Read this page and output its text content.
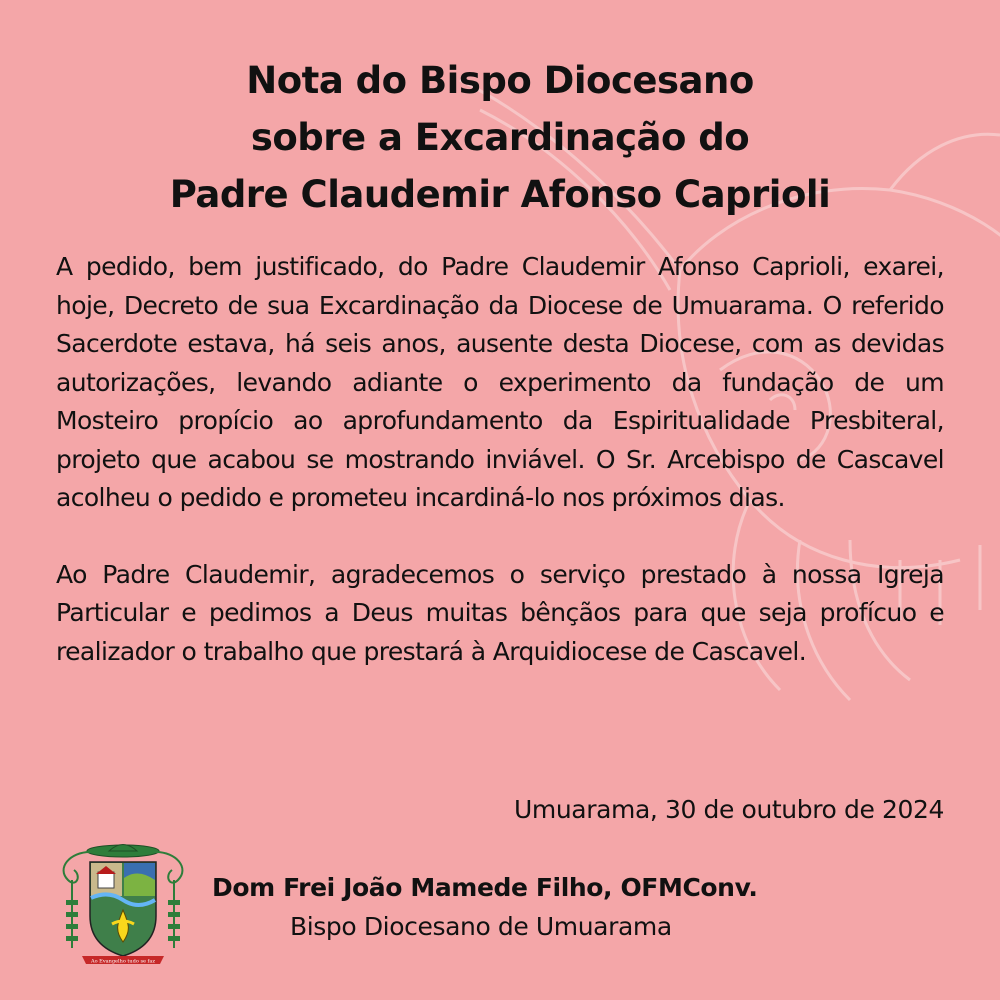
Nota do Bispo Diocesano
sobre a Excardinação do
Padre Claudemir Afonso Caprioli

A pedido, bem justificado, do Padre Claudemir Afonso Caprioli, exarei, hoje, Decreto de sua Excardinação da Diocese de Umuarama. O referido Sacerdote estava, há seis anos, ausente desta Diocese, com as devidas autorizações, levando adiante o experimento da fundação de um Mosteiro propício ao aprofundamento da Espiritualidade Presbiteral, projeto que acabou se mostrando inviável. O Sr. Arcebispo de Cascavel acolheu o pedido e prometeu incardiná-lo nos próximos dias.

Ao Padre Claudemir, agradecemos o serviço prestado à nossa Igreja Particular e pedimos a Deus muitas bênçãos para que seja profícuo e realizador o trabalho que prestará à Arquidiocese de Cascavel.

Umuarama, 30 de outubro de 2024
Ao Evangelho tudo se faz
Dom Frei João Mamede Filho, OFMConv.
Bispo Diocesano de Umuarama
